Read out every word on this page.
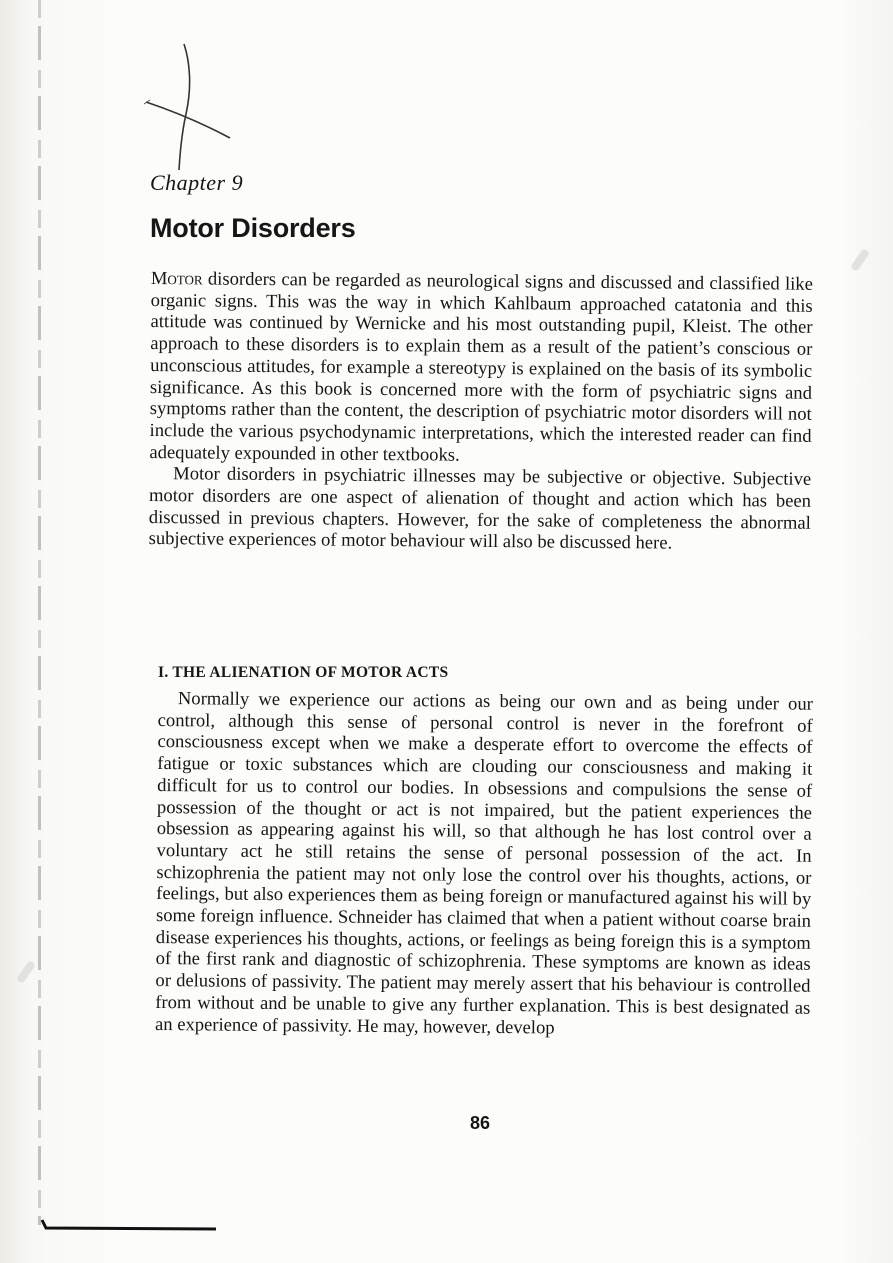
Chapter 9
Motor Disorders

Motor disorders can be regarded as neurological signs and discussed and classified like organic signs. This was the way in which Kahlbaum approached catatonia and this attitude was continued by Wernicke and his most outstanding pupil, Kleist. The other approach to these disorders is to explain them as a result of the patient’s conscious or unconscious attitudes, for example a stereotypy is explained on the basis of its symbolic significance. As this book is concerned more with the form of psychiatric signs and symptoms rather than the content, the description of psychiatric motor disorders will not include the various psychodynamic interpretations, which the interested reader can find adequately expounded in other textbooks.

Motor disorders in psychiatric illnesses may be subjective or objective. Subjective motor disorders are one aspect of alienation of thought and action which has been discussed in previous chapters. However, for the sake of completeness the abnormal subjective experiences of motor behaviour will also be discussed here.

I. THE ALIENATION OF MOTOR ACTS

Normally we experience our actions as being our own and as being under our control, although this sense of personal control is never in the forefront of consciousness except when we make a desperate effort to overcome the effects of fatigue or toxic substances which are clouding our consciousness and making it difficult for us to control our bodies. In obsessions and compulsions the sense of possession of the thought or act is not impaired, but the patient experiences the obsession as appearing against his will, so that although he has lost control over a voluntary act he still retains the sense of personal possession of the act. In schizophrenia the patient may not only lose the control over his thoughts, actions, or feelings, but also experiences them as being foreign or manufactured against his will by some foreign influence. Schneider has claimed that when a patient without coarse brain disease experiences his thoughts, actions, or feelings as being foreign this is a symptom of the first rank and diagnostic of schizophrenia. These symptoms are known as ideas or delusions of passivity. The patient may merely assert that his behaviour is controlled from without and be unable to give any further explanation. This is best designated as an experience of passivity. He may, however, develop

86
